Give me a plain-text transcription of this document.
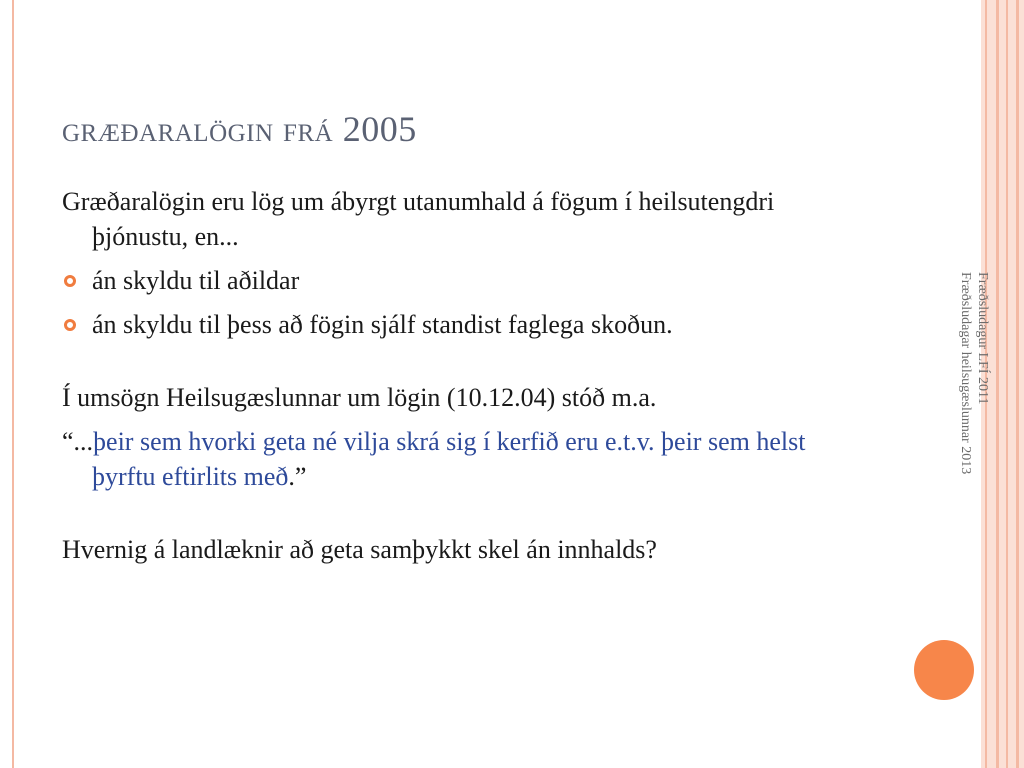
græðaralögin frá 2005

Græðaralögin eru lög um ábyrgt utanumhald á fögum í heilsutengdri þjónustu, en...

án skyldu til aðildar
án skyldu til þess að fögin sjálf standist faglega skoðun.

Í umsögn Heilsugæslunnar um lögin (10.12.04) stóð m.a.

“...þeir sem hvorki geta né vilja skrá sig í kerfið eru e.t.v. þeir sem helst þyrftu eftirlits með.”

Hvernig á landlæknir að geta samþykkt skel án innhalds?

Fræðsludagur LFÍ 2011
Fræðsludagar heilsugæslunnar 2013
